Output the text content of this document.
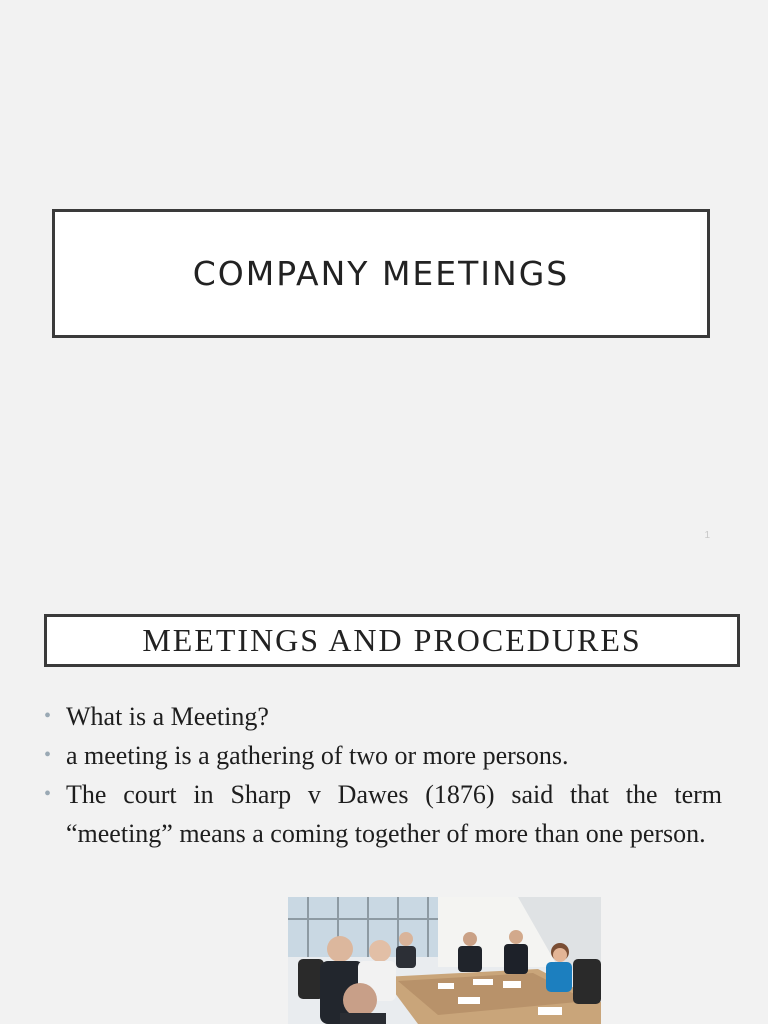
COMPANY MEETINGS
1
MEETINGS AND PROCEDURES
• What is a Meeting?
• a meeting is a gathering of two or more persons.
• The court in Sharp v Dawes (1876) said that the term “meeting” means a coming together of more than one person.
